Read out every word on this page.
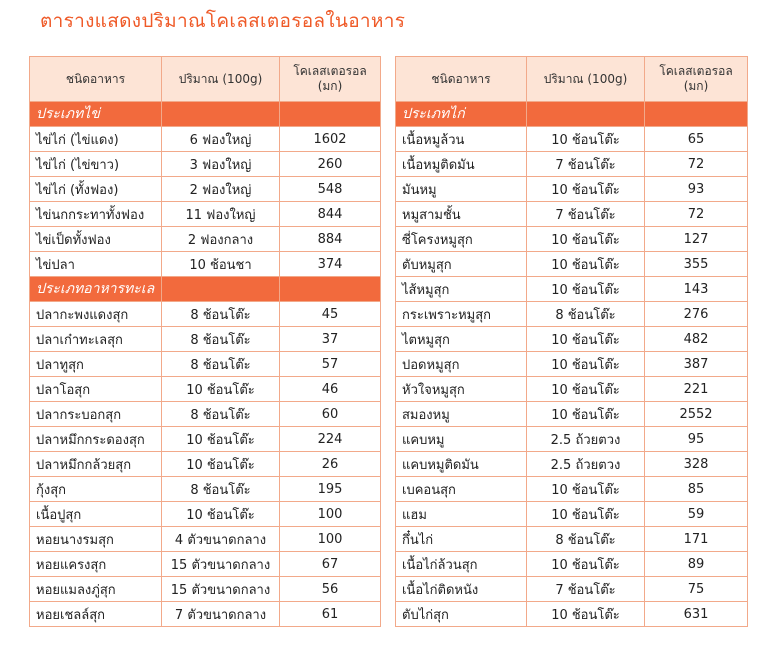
ตารางแสดงปริมาณโคเลสเตอรอลในอาหาร
ชนิดอาหาร	ปริมาณ (100g)	โคเลสเตอรอล (มก)
ประเภทไข่		
ไข่ไก่ (ไข่แดง)	6 ฟองใหญ่	1602
ไข่ไก่ (ไข่ขาว)	3 ฟองใหญ่	260
ไข่ไก่ (ทั้งฟอง)	2 ฟองใหญ่	548
ไข่นกกระทาทั้งฟอง	11 ฟองใหญ่	844
ไข่เป็ดทั้งฟอง	2 ฟองกลาง	884
ไข่ปลา	10 ช้อนชา	374
ประเภทอาหารทะเล		
ปลากะพงแดงสุก	8 ช้อนโต๊ะ	45
ปลาเก๋าทะเลสุก	8 ช้อนโต๊ะ	37
ปลาทูสุก	8 ช้อนโต๊ะ	57
ปลาโอสุก	10 ช้อนโต๊ะ	46
ปลากระบอกสุก	8 ช้อนโต๊ะ	60
ปลาหมึกกระดองสุก	10 ช้อนโต๊ะ	224
ปลาหมึกกล้วยสุก	10 ช้อนโต๊ะ	26
กุ้งสุก	8 ช้อนโต๊ะ	195
เนื้อปูสุก	10 ช้อนโต๊ะ	100
หอยนางรมสุก	4 ตัวขนาดกลาง	100
หอยแครงสุก	15 ตัวขนาดกลาง	67
หอยแมลงภู่สุก	15 ตัวขนาดกลาง	56
หอยเชลล์สุก	7 ตัวขนาดกลาง	61
ชนิดอาหาร	ปริมาณ (100g)	โคเลสเตอรอล (มก)
ประเภทไก่		
เนื้อหมูล้วน	10 ช้อนโต๊ะ	65
เนื้อหมูติดมัน	7 ช้อนโต๊ะ	72
มันหมู	10 ช้อนโต๊ะ	93
หมูสามชั้น	7 ช้อนโต๊ะ	72
ซี่โครงหมูสุก	10 ช้อนโต๊ะ	127
ตับหมูสุก	10 ช้อนโต๊ะ	355
ไส้หมูสุก	10 ช้อนโต๊ะ	143
กระเพราะหมูสุก	8 ช้อนโต๊ะ	276
ไตหมูสุก	10 ช้อนโต๊ะ	482
ปอดหมูสุก	10 ช้อนโต๊ะ	387
หัวใจหมูสุก	10 ช้อนโต๊ะ	221
สมองหมู	10 ช้อนโต๊ะ	2552
แคบหมู	2.5 ถ้วยตวง	95
แคบหมูติดมัน	2.5 ถ้วยตวง	328
เบคอนสุก	10 ช้อนโต๊ะ	85
แฮม	10 ช้อนโต๊ะ	59
กึ๋นไก่	8 ช้อนโต๊ะ	171
เนื้อไก่ล้วนสุก	10 ช้อนโต๊ะ	89
เนื้อไก่ติดหนัง	7 ช้อนโต๊ะ	75
ตับไก่สุก	10 ช้อนโต๊ะ	631
